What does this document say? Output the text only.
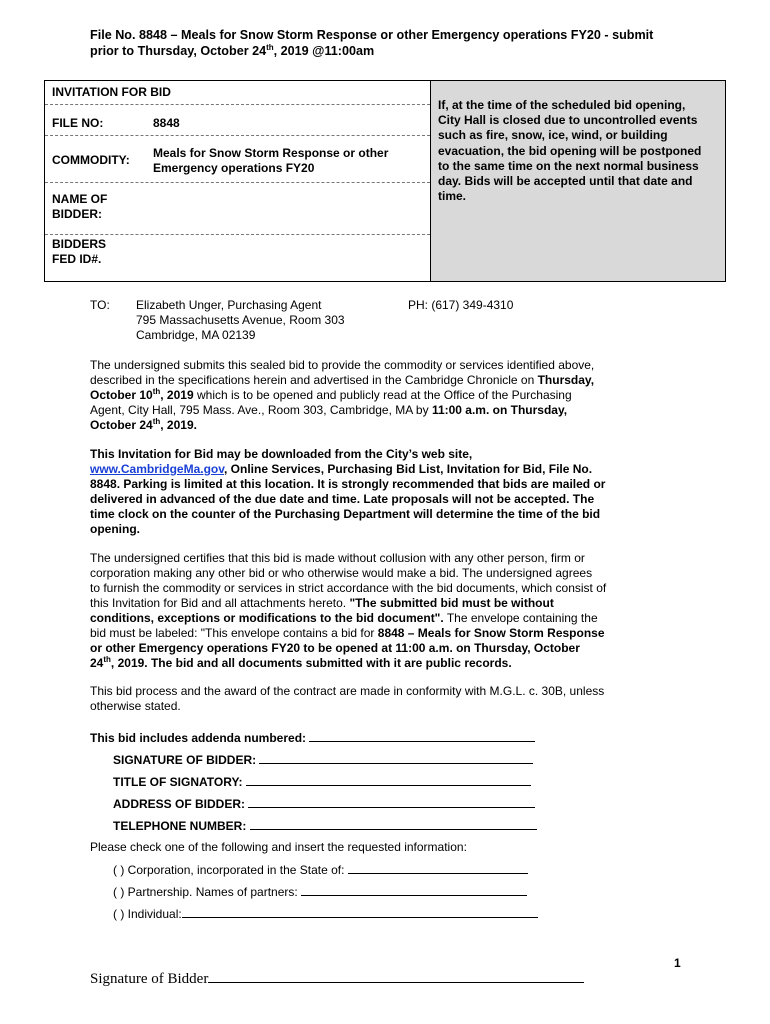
File No. 8848 – Meals for Snow Storm Response or other Emergency operations FY20 - submit
prior to Thursday, October 24th, 2019 @11:00am
If, at the time of the scheduled bid opening,
City Hall is closed due to uncontrolled events
such as fire, snow, ice, wind, or building
evacuation, the bid opening will be postponed
to the same time on the next normal business
day. Bids will be accepted until that date and
time.
INVITATION FOR BID
FILE NO:	8848
COMMODITY: Meals for Snow Storm Response or other
Emergency operations FY20
NAME OF
BIDDER:
BIDDERS
FED ID#.
TO: Elizabeth Unger, Purchasing Agent
795 Massachusetts Avenue, Room 303
Cambridge, MA 02139
PH: (617) 349-4310
The undersigned submits this sealed bid to provide the commodity or services identified above,
described in the specifications herein and advertised in the Cambridge Chronicle on Thursday,
October 10th, 2019 which is to be opened and publicly read at the Office of the Purchasing
Agent, City Hall, 795 Mass. Ave., Room 303, Cambridge, MA by 11:00 a.m. on Thursday,
October 24th, 2019.
This Invitation for Bid may be downloaded from the City’s web site,
www.CambridgeMa.gov, Online Services, Purchasing Bid List, Invitation for Bid, File No.
8848. Parking is limited at this location. It is strongly recommended that bids are mailed or
delivered in advanced of the due date and time. Late proposals will not be accepted. The
time clock on the counter of the Purchasing Department will determine the time of the bid
opening.
The undersigned certifies that this bid is made without collusion with any other person, firm or
corporation making any other bid or who otherwise would make a bid. The undersigned agrees
to furnish the commodity or services in strict accordance with the bid documents, which consist of
this Invitation for Bid and all attachments hereto. "The submitted bid must be without
conditions, exceptions or modifications to the bid document". The envelope containing the
bid must be labeled: "This envelope contains a bid for 8848 – Meals for Snow Storm Response
or other Emergency operations FY20 to be opened at 11:00 a.m. on Thursday, October
24th, 2019. The bid and all documents submitted with it are public records.
This bid process and the award of the contract are made in conformity with M.G.L. c. 30B, unless
otherwise stated.
This bid includes addenda numbered:
SIGNATURE OF BIDDER:
TITLE OF SIGNATORY:
ADDRESS OF BIDDER:
TELEPHONE NUMBER:
Please check one of the following and insert the requested information:
( ) Corporation, incorporated in the State of:
( ) Partnership. Names of partners:
( ) Individual:
1
Signature of Bidder
